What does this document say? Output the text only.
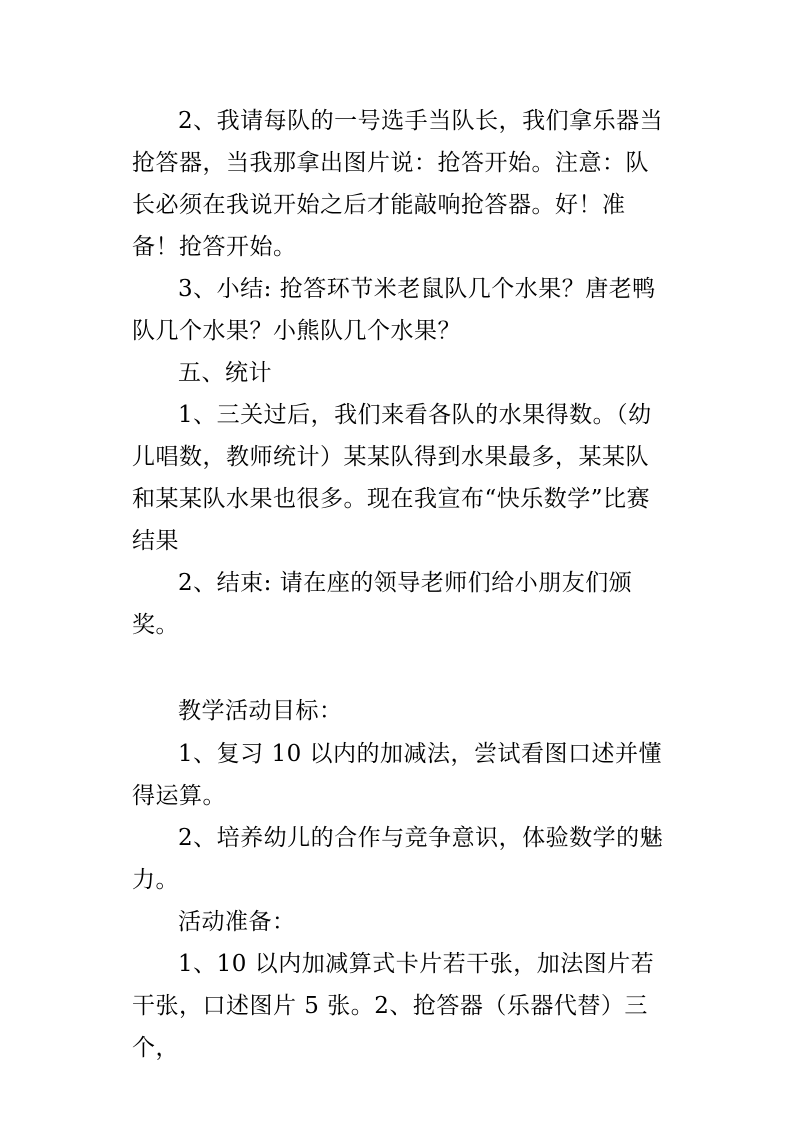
2、我请每队的一号选手当队长，我们拿乐器当抢答器，当我那拿出图片说：抢答开始。注意：队长必须在我说开始之后才能敲响抢答器。好！准备！抢答开始。

3、小结: 抢答环节米老鼠队几个水果？唐老鸭队几个水果？小熊队几个水果？

五、统计

1、三关过后，我们来看各队的水果得数。（幼儿唱数，教师统计）某某队得到水果最多，某某队和某某队水果也很多。现在我宣布“快乐数学”比赛结果

2、结束: 请在座的领导老师们给小朋友们颁奖。

教学活动目标：

1、复习 10 以内的加减法，尝试看图口述并懂得运算。

2、培养幼儿的合作与竞争意识，体验数学的魅力。

活动准备：

1、10 以内加减算式卡片若干张，加法图片若干张，口述图片 5 张。2、抢答器（乐器代替）三个，
